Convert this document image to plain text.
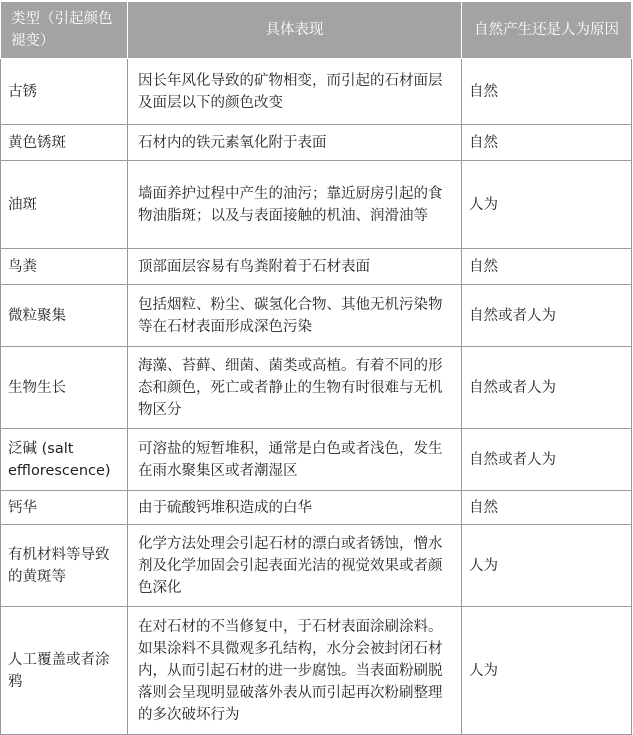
类型（引起颜色褪变）	具体表现	自然产生还是人为原因
古锈	因长年风化导致的矿物相变，而引起的石材面层及面层以下的颜色改变	自然
黄色锈斑	石材内的铁元素氧化附于表面	自然
油斑	墙面养护过程中产生的油污；靠近厨房引起的食物油脂斑；以及与表面接触的机油、润滑油等	人为
鸟粪	顶部面层容易有鸟粪附着于石材表面	自然
微粒聚集	包括烟粒、粉尘、碳氢化合物、其他无机污染物等在石材表面形成深色污染	自然或者人为
生物生长	海藻、苔藓、细菌、菌类或高植。有着不同的形态和颜色，死亡或者静止的生物有时很难与无机物区分	自然或者人为
泛碱 (salt efflorescence)	可溶盐的短暂堆积，通常是白色或者浅色，发生在雨水聚集区或者潮湿区	自然或者人为
钙华	由于硫酸钙堆积造成的白华	自然
有机材料等导致的黄斑等	化学方法处理会引起石材的漂白或者锈蚀，憎水剂及化学加固会引起表面光洁的视觉效果或者颜色深化	人为
人工覆盖或者涂鸦	在对石材的不当修复中，于石材表面涂刷涂料。如果涂料不具微观多孔结构，水分会被封闭石材内，从而引起石材的进一步腐蚀。当表面粉刷脱落则会呈现明显破落外表从而引起再次粉刷整理的多次破坏行为	人为
